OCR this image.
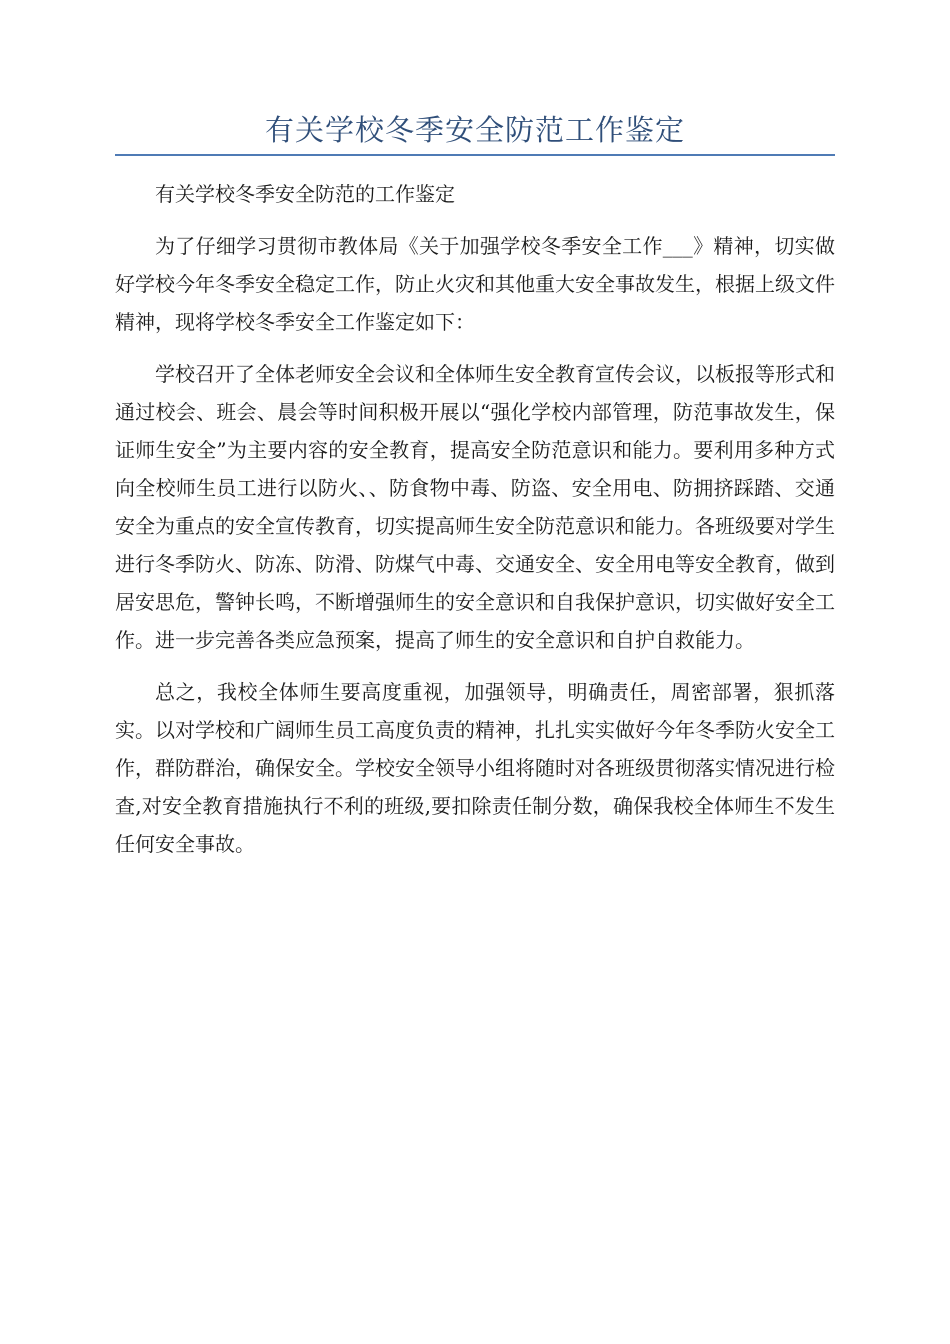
有关学校冬季安全防范工作鉴定

有关学校冬季安全防范的工作鉴定

为了仔细学习贯彻市教体局《关于加强学校冬季安全工作___》精神，切实做好学校今年冬季安全稳定工作，防止火灾和其他重大安全事故发生，根据上级文件精神，现将学校冬季安全工作鉴定如下：

学校召开了全体老师安全会议和全体师生安全教育宣传会议，以板报等形式和通过校会、班会、晨会等时间积极开展以“强化学校内部管理，防范事故发生，保证师生安全”为主要内容的安全教育，提高安全防范意识和能力。要利用多种方式向全校师生员工进行以防火、、防食物中毒、防盗、安全用电、防拥挤踩踏、交通安全为重点的安全宣传教育，切实提高师生安全防范意识和能力。各班级要对学生进行冬季防火、防冻、防滑、防煤气中毒、交通安全、安全用电等安全教育，做到居安思危，警钟长鸣，不断增强师生的安全意识和自我保护意识，切实做好安全工作。进一步完善各类应急预案，提高了师生的安全意识和自护自救能力。

总之，我校全体师生要高度重视，加强领导，明确责任，周密部署，狠抓落实。以对学校和广阔师生员工高度负责的精神，扎扎实实做好今年冬季防火安全工作，群防群治，确保安全。学校安全领导小组将随时对各班级贯彻落实情况进行检查,对安全教育措施执行不利的班级,要扣除责任制分数，确保我校全体师生不发生任何安全事故。
